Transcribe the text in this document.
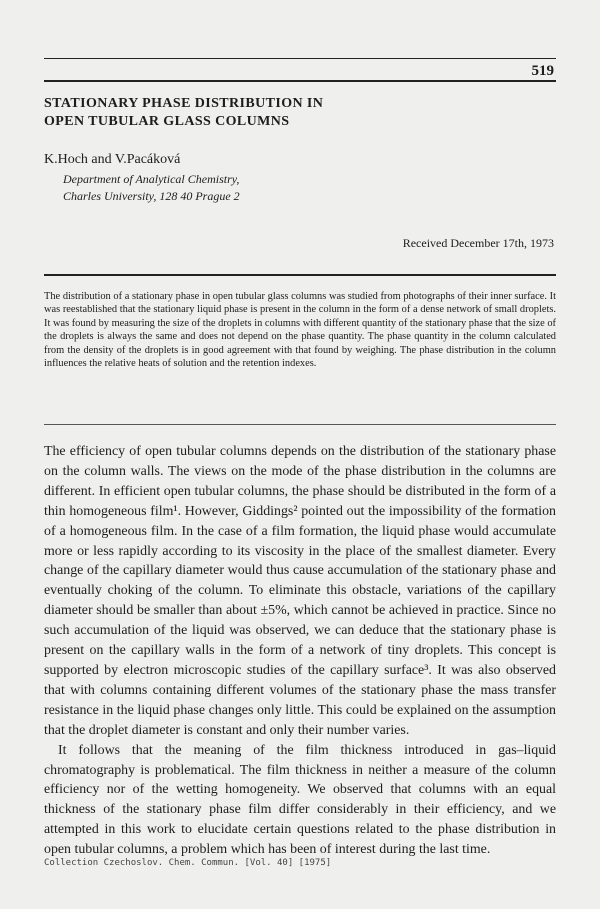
519
STATIONARY PHASE DISTRIBUTION IN
OPEN TUBULAR GLASS COLUMNS
K.Hoch and V.Pacáková
Department of Analytical Chemistry,
Charles University, 128 40 Prague 2
Received December 17th, 1973
The distribution of a stationary phase in open tubular glass columns was studied from photographs of their inner surface. It was reestablished that the stationary liquid phase is present in the column in the form of a dense network of small droplets. It was found by measuring the size of the droplets in columns with different quantity of the stationary phase that the size of the droplets is always the same and does not depend on the phase quantity. The phase quantity in the column calculated from the density of the droplets is in good agreement with that found by weighing. The phase distribution in the column influences the relative heats of solution and the retention indexes.

The efficiency of open tubular columns depends on the distribution of the stationary phase on the column walls. The views on the mode of the phase distribution in the columns are different. In efficient open tubular columns, the phase should be distributed in the form of a thin homogeneous film¹. However, Giddings² pointed out the impossibility of the formation of a homogeneous film. In the case of a film formation, the liquid phase would accumulate more or less rapidly according to its viscosity in the place of the smallest diameter. Every change of the capillary diameter would thus cause accumulation of the stationary phase and eventually choking of the column. To eliminate this obstacle, variations of the capillary diameter should be smaller than about ±5%, which cannot be achieved in practice. Since no such accumulation of the liquid was observed, we can deduce that the stationary phase is present on the capillary walls in the form of a network of tiny droplets. This concept is supported by electron microscopic studies of the capillary surface³. It was also observed that with columns containing different volumes of the stationary phase the mass transfer resistance in the liquid phase changes only little. This could be explained on the assumption that the droplet diameter is constant and only their number varies.

It follows that the meaning of the film thickness introduced in gas–liquid chromatography is problematical. The film thickness in neither a measure of the column efficiency nor of the wetting homogeneity. We observed that columns with an equal thickness of the stationary phase film differ considerably in their efficiency, and we attempted in this work to elucidate certain questions related to the phase distribution in open tubular columns, a problem which has been of interest during the last time.

Collection Czechoslov. Chem. Commun. [Vol. 40] [1975]
